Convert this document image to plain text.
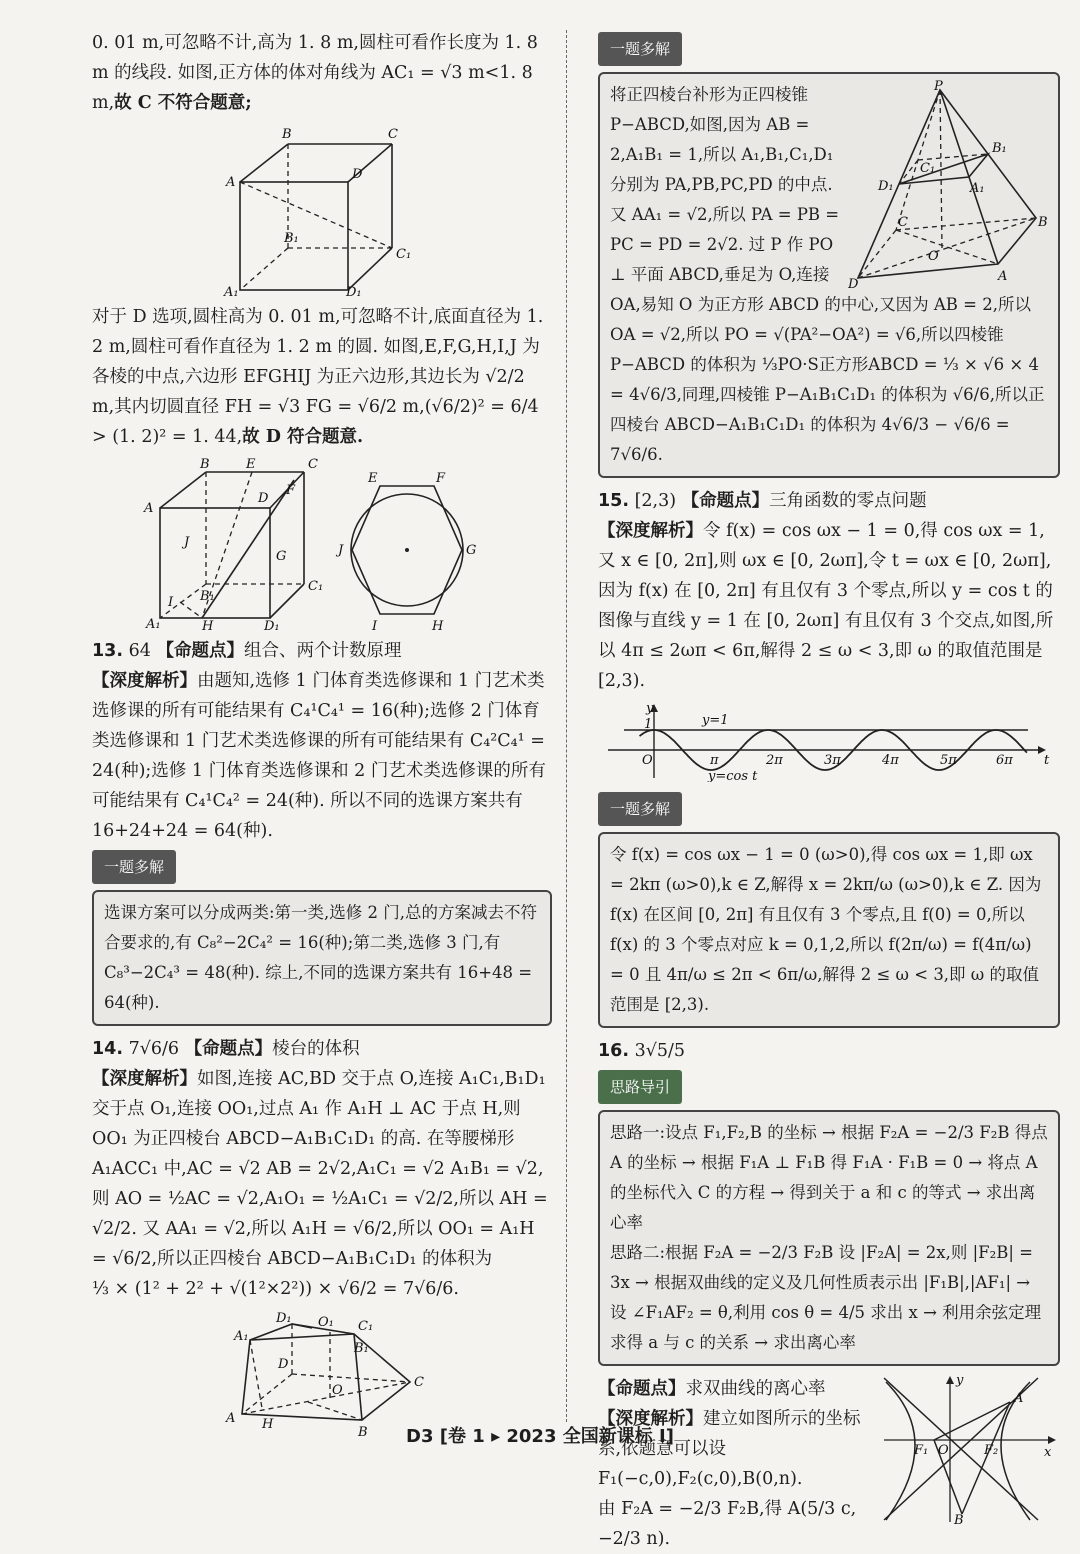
0. 01 m,可忽略不计,高为 1. 8 m,圆柱可看作长度为 1. 8 m 的线段. 如图,正方体的体对角线为 AC₁ = √3 m<1. 8 m,故 C 不符合题意;

A
B	C
D
A₁
B₁
C₁
D₁

对于 D 选项,圆柱高为 0. 01 m,可忽略不计,底面直径为 1. 2 m,圆柱可看作直径为 1. 2 m 的圆. 如图,E,F,G,H,I,J 为各棱的中点,六边形 EFGHIJ 为正六边形,其边长为 √2/2 m,其内切圆直径 FH = √3 FG = √6/2 m,(√6/2)² = 6/4 > (1. 2)² = 1. 44,故 D 符合题意.

A
B	E
D
F
C
J
G
I B₁
C₁
A₁	H	D₁
E	F
J	G
I	H

13. 64 【命题点】组合、两个计数原理

【深度解析】由题知,选修 1 门体育类选修课和 1 门艺术类选修课的所有可能结果有 C₄¹C₄¹ = 16(种);选修 2 门体育类选修课和 1 门艺术类选修课的所有可能结果有 C₄²C₄¹ = 24(种);选修 1 门体育类选修课和 2 门艺术类选修课的所有可能结果有 C₄¹C₄² = 24(种). 所以不同的选课方案共有 16+24+24 = 64(种).

一题多解
选课方案可以分成两类:第一类,选修 2 门,总的方案减去不符合要求的,有 C₈²−2C₄² = 16(种);第二类,选修 3 门,有 C₈³−2C₄³ = 48(种). 综上,不同的选课方案共有 16+48 = 64(种).

14. 7√6/6 【命题点】棱台的体积

【深度解析】如图,连接 AC,BD 交于点 O,连接 A₁C₁,B₁D₁ 交于点 O₁,连接 OO₁,过点 A₁ 作 A₁H ⊥ AC 于点 H,则 OO₁ 为正四棱台 ABCD−A₁B₁C₁D₁ 的高. 在等腰梯形 A₁ACC₁ 中,AC = √2 AB = 2√2,A₁C₁ = √2 A₁B₁ = √2,则 AO = ½AC = √2,A₁O₁ = ½A₁C₁ = √2/2,所以 AH = √2/2. 又 AA₁ = √2,所以 A₁H = √6/2,所以 OO₁ = A₁H = √6/2,所以正四棱台 ABCD−A₁B₁C₁D₁ 的体积为

⅓ × (1² + 2² + √(1²×2²)) × √6/2 = 7√6/6.

A
B
C
D
O
H
A₁
B₁
C₁
D₁ O₁
一题多解
P
B₁
C₁
D₁	A₁
B
C
O
D
A
将正四棱台补形为正四棱锥 P−ABCD,如图,因为 AB = 2,A₁B₁ = 1,所以 A₁,B₁,C₁,D₁ 分别为 PA,PB,PC,PD 的中点. 又 AA₁ = √2,所以 PA = PB = PC = PD = 2√2. 过 P 作 PO ⊥ 平面 ABCD,垂足为 O,连接 OA,易知 O 为正方形 ABCD 的中心,又因为 AB = 2,所以 OA = √2,所以 PO = √(PA²−OA²) = √6,所以四棱锥 P−ABCD 的体积为 ⅓PO·S正方形ABCD = ⅓ × √6 × 4 = 4√6/3,同理,四棱锥 P−A₁B₁C₁D₁ 的体积为 √6/6,所以正四棱台 ABCD−A₁B₁C₁D₁ 的体积为 4√6/3 − √6/6 = 7√6/6.

15. [2,3) 【命题点】三角函数的零点问题

【深度解析】令 f(x) = cos ωx − 1 = 0,得 cos ωx = 1,又 x ∈ [0, 2π],则 ωx ∈ [0, 2ωπ],令 t = ωx ∈ [0, 2ωπ],因为 f(x) 在 [0, 2π] 有且仅有 3 个零点,所以 y = cos t 的图像与直线 y = 1 在 [0, 2ωπ] 有且仅有 3 个交点,如图,所以 4π ≤ 2ωπ < 6π,解得 2 ≤ ω < 3,即 ω 的取值范围是 [2,3).

y
y=1
t
O
1
π	2π	3π	4π	5π	6π
y=cos t
一题多解
令 f(x) = cos ωx − 1 = 0 (ω>0),得 cos ωx = 1,即 ωx = 2kπ (ω>0),k ∈ Z,解得 x = 2kπ/ω (ω>0),k ∈ Z. 因为 f(x) 在区间 [0, 2π] 有且仅有 3 个零点,且 f(0) = 0,所以 f(x) 的 3 个零点对应 k = 0,1,2,所以 f(2π/ω) = f(4π/ω) = 0 且 4π/ω ≤ 2π < 6π/ω,解得 2 ≤ ω < 3,即 ω 的取值范围是 [2,3).

16. 3√5/5

思路导引

思路一:设点 F₁,F₂,B 的坐标 → 根据 F₂A = −2/3 F₂B 得点 A 的坐标 → 根据 F₁A ⊥ F₁B 得 F₁A · F₁B = 0 → 将点 A 的坐标代入 C 的方程 → 得到关于 a 和 c 的等式 → 求出离心率

思路二:根据 F₂A = −2/3 F₂B 设 |F₂A| = 2x,则 |F₂B| = 3x → 根据双曲线的定义及几何性质表示出 |F₁B|,|AF₁| → 设 ∠F₁AF₂ = θ,利用 cos θ = 4/5 求出 x → 利用余弦定理求得 a 与 c 的关系 → 求出离心率

y
A
F₁ O	F₂	x
B

【命题点】求双曲线的离心率

【深度解析】建立如图所示的坐标系,依题意可以设 F₁(−c,0),F₂(c,0),B(0,n).

由 F₂A = −2/3 F₂B,得 A(5/3 c, −2/3 n).

D3 [卷 1 ▸ 2023 全国新课标 Ⅰ]
